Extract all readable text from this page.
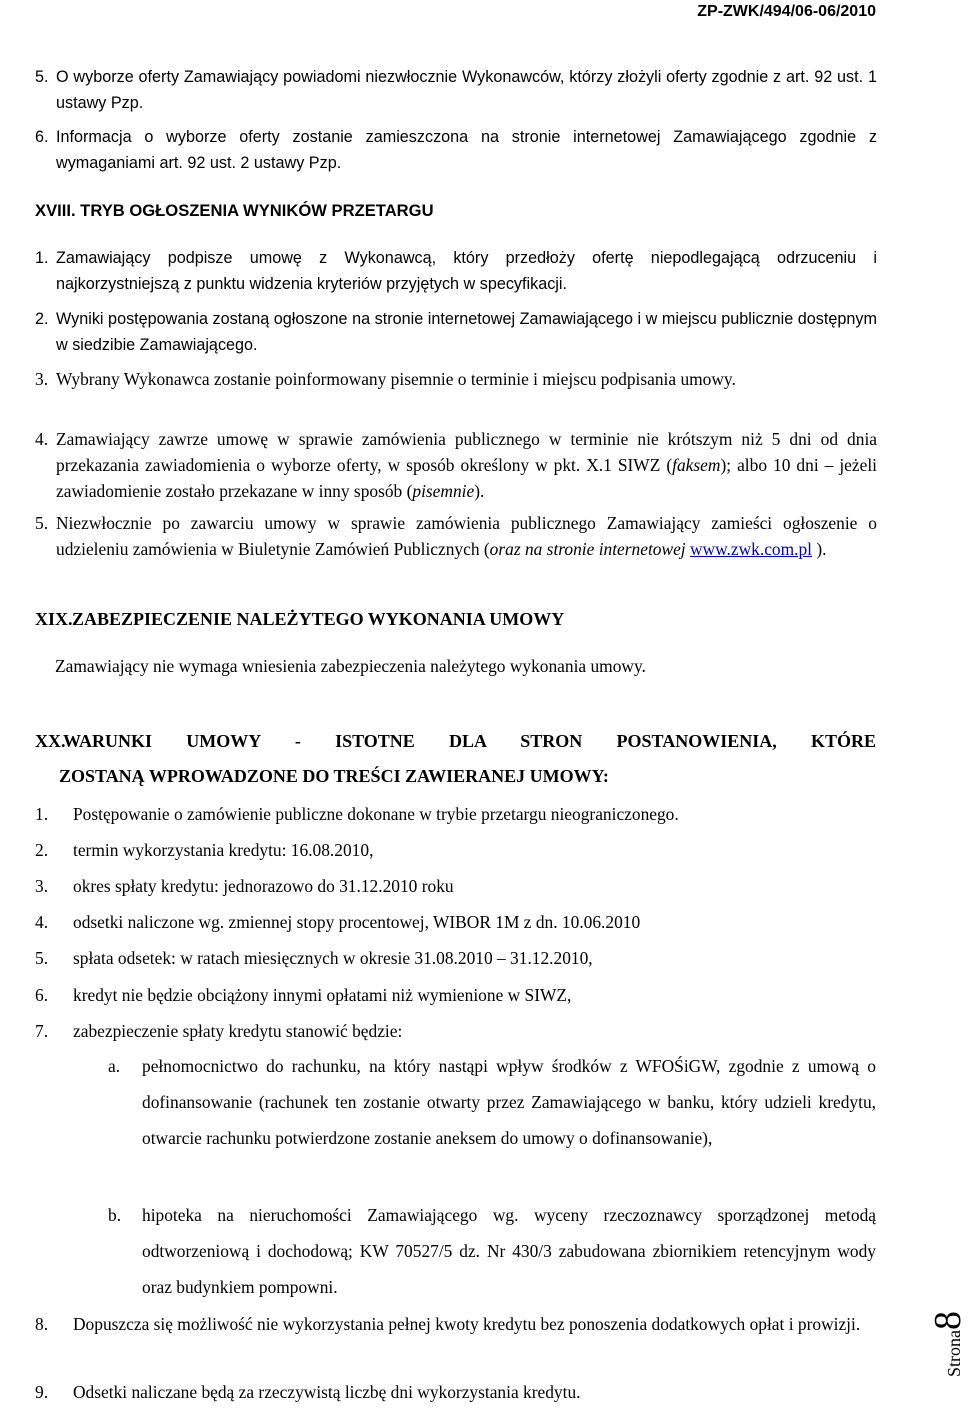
ZP-ZWK/494/06-06/2010
5. O wyborze oferty Zamawiający powiadomi niezwłocznie Wykonawców, którzy złożyli oferty zgodnie z art. 92 ust. 1 ustawy Pzp.
6. Informacja o wyborze oferty zostanie zamieszczona na stronie internetowej Zamawiającego zgodnie z wymaganiami art. 92 ust. 2 ustawy Pzp.
XVIII. TRYB OGŁOSZENIA WYNIKÓW PRZETARGU
1. Zamawiający podpisze umowę z Wykonawcą, który przedłoży ofertę niepodlegającą odrzuceniu i najkorzystniejszą z punktu widzenia kryteriów przyjętych w specyfikacji.
2. Wyniki postępowania zostaną ogłoszone na stronie internetowej Zamawiającego i w miejscu publicznie dostępnym w siedzibie Zamawiającego.
3. Wybrany Wykonawca zostanie poinformowany pisemnie o terminie i miejscu podpisania umowy.
4. Zamawiający zawrze umowę w sprawie zamówienia publicznego w terminie nie krótszym niż 5 dni od dnia przekazania zawiadomienia o wyborze oferty, w sposób określony w pkt. X.1 SIWZ (faksem); albo 10 dni – jeżeli zawiadomienie zostało przekazane w inny sposób (pisemnie).
5. Niezwłocznie po zawarciu umowy w sprawie zamówienia publicznego Zamawiający zamieści ogłoszenie o udzieleniu zamówienia w Biuletynie Zamówień Publicznych (oraz na stronie internetowej www.zwk.com.pl ).
XIX. ZABEZPIECZENIE NALEŻYTEGO WYKONANIA UMOWY
Zamawiający nie wymaga wniesienia zabezpieczenia należytego wykonania umowy.
XX.
WARUNKI UMOWY - ISTOTNE DLA STRON POSTANOWIENIA, KTÓRE
ZOSTANĄ WPROWADZONE DO TREŚCI ZAWIERANEJ UMOWY:
1. Postępowanie o zamówienie publiczne dokonane w trybie przetargu nieograniczonego.
2. termin wykorzystania kredytu: 16.08.2010,
3. okres spłaty kredytu: jednorazowo do 31.12.2010 roku
4. odsetki naliczone wg. zmiennej stopy procentowej, WIBOR 1M z dn. 10.06.2010
5. spłata odsetek: w ratach miesięcznych w okresie 31.08.2010 – 31.12.2010,
6. kredyt nie będzie obciążony innymi opłatami niż wymienione w SIWZ,
7. zabezpieczenie spłaty kredytu stanowić będzie:
a. pełnomocnictwo do rachunku, na który nastąpi wpływ środków z WFOŚiGW, zgodnie z umową o dofinansowanie (rachunek ten zostanie otwarty przez Zamawiającego w banku, który udzieli kredytu, otwarcie rachunku potwierdzone zostanie aneksem do umowy o dofinansowanie),
b. hipoteka na nieruchomości Zamawiającego wg. wyceny rzeczoznawcy sporządzonej metodą odtworzeniową i dochodową; KW 70527/5 dz. Nr 430/3 zabudowana zbiornikiem retencyjnym wody oraz budynkiem pompowni.
8. Dopuszcza się możliwość nie wykorzystania pełnej kwoty kredytu bez ponoszenia dodatkowych opłat i prowizji.
9. Odsetki naliczane będą za rzeczywistą liczbę dni wykorzystania kredytu.
Strona8
